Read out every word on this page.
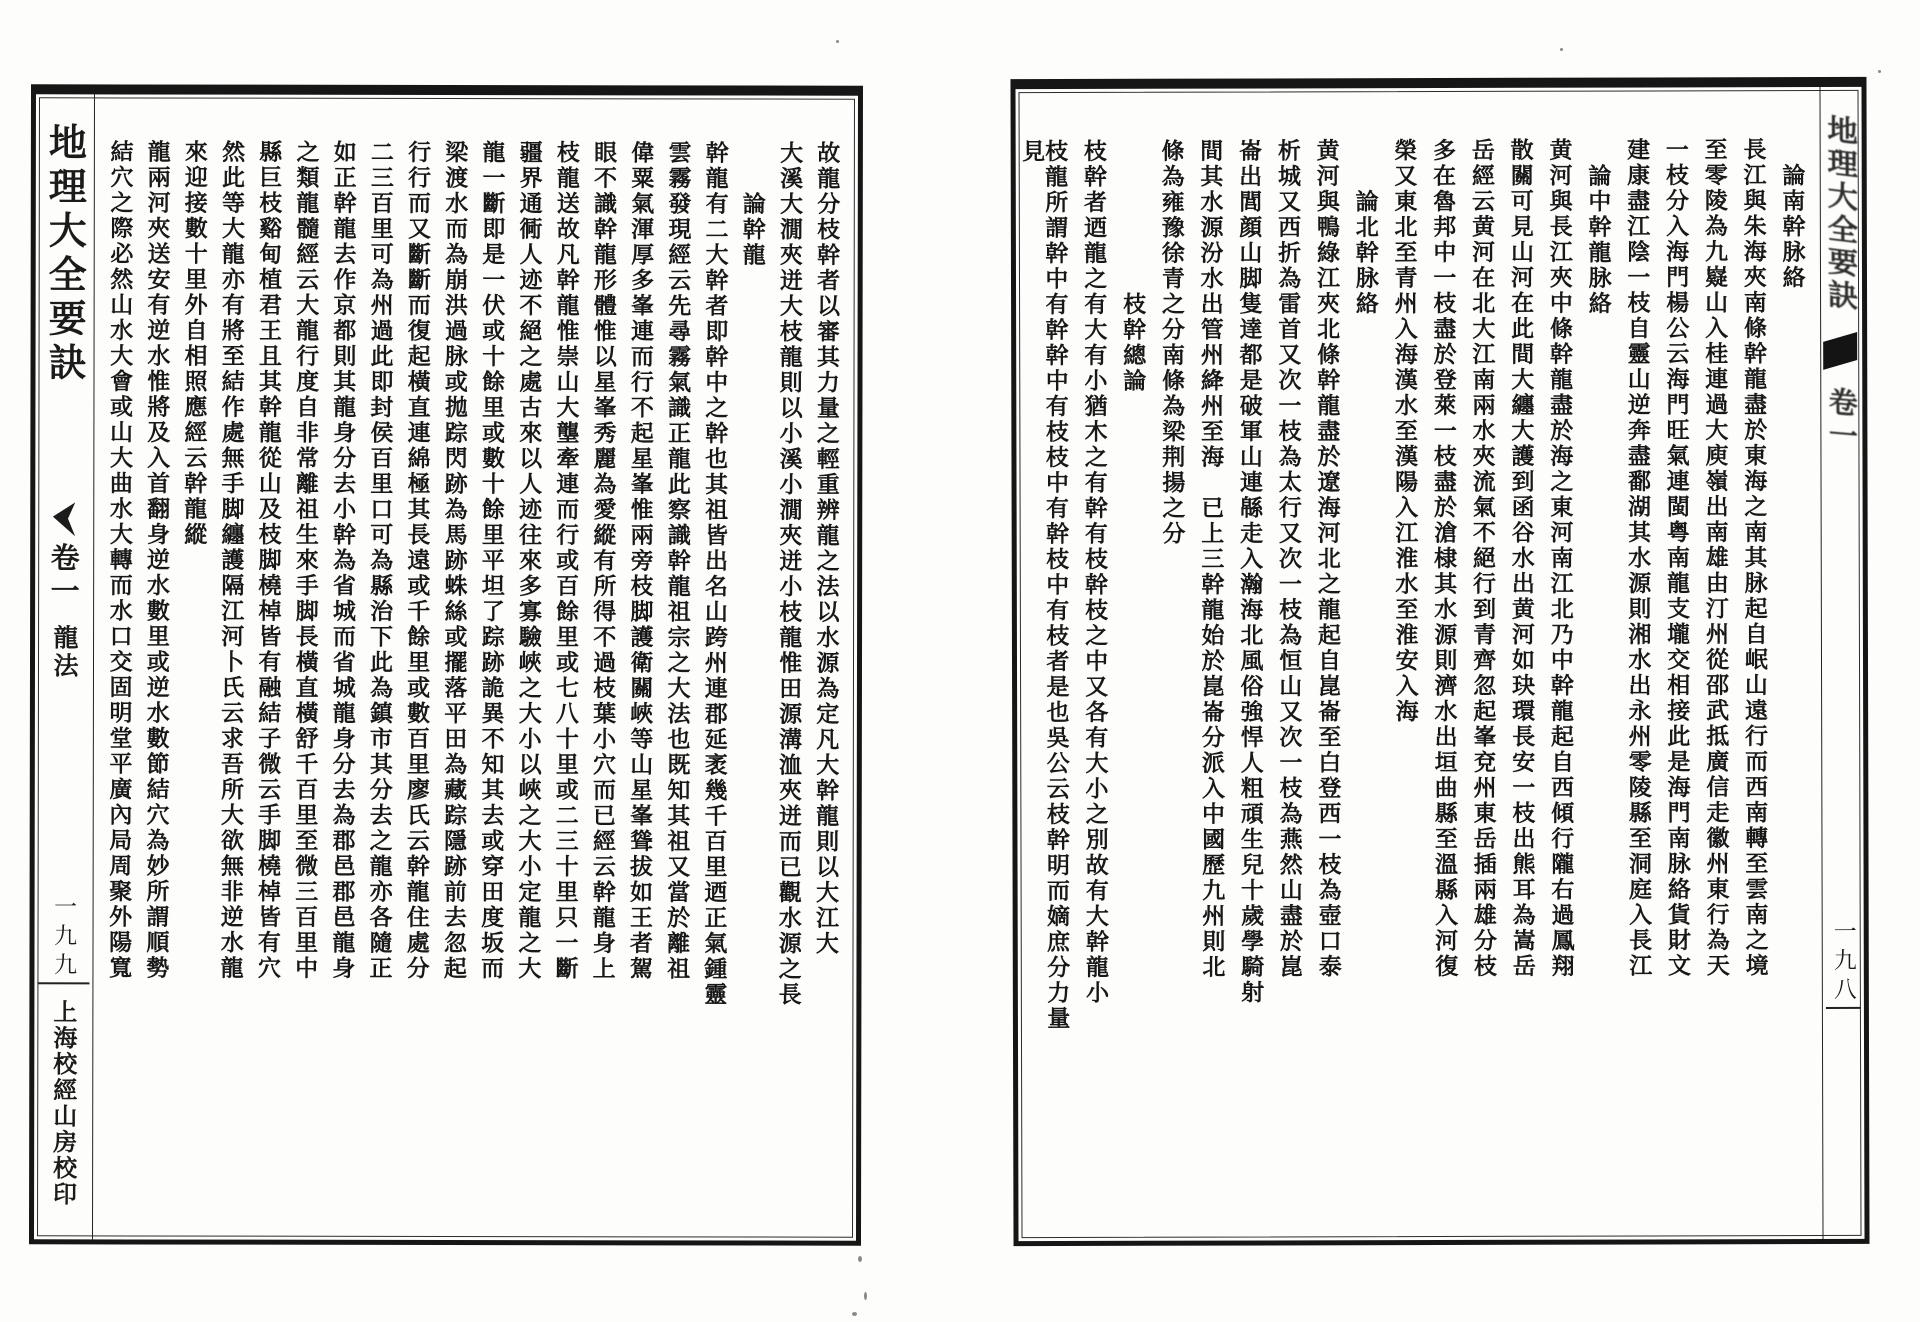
論南幹脉絡
長江與朱海夾南條幹龍盡於東海之南其脉起自岷山遠行而西南轉至雲南之境
至零陵為九嶷山入桂連過大庾嶺出南雄由汀州從邵武抵廣信走徽州東行為天
一枝分入海門楊公云海門旺氣連閩粤南龍支壠交相接此是海門南脉絡貨財文
建康盡江陰一枝自靈山逆奔盡鄱湖其水源則湘水出永州零陵縣至洞庭入長江
論中幹龍脉絡
黄河與長江夾中條幹龍盡於海之東河南江北乃中幹龍起自西傾行隴右過鳳翔
散關可見山河在此間大纏大護到函谷水出黄河如玦環長安一枝出熊耳為嵩岳
岳經云黄河在北大江南兩水夾流氣不絕行到青齊忽起峯兗州東岳插兩雄分枝
多在魯邦中一枝盡於登萊一枝盡於滄棣其水源則濟水出垣曲縣至溫縣入河復
榮又東北至青州入海漢水至漢陽入江淮水至淮安入海
論北幹脉絡
黄河與鴨綠江夾北條幹龍盡於遼海河北之龍起自崑崙至白登西一枝為壺口泰
析城又西折為雷首又次一枝為太行又次一枝為恒山又次一枝為燕然山盡於崑
崙出閭顔山脚隻達都是破軍山連緜走入瀚海北風俗強悍人粗頑生兒十歲學騎射
間其水源汾水出管州絳州至海　已上三幹龍始於崑崙分派入中國歷九州則北
條為雍豫徐青之分南條為梁荆揚之分
枝幹總論
枝幹者迺龍之有大有小猶木之有幹有枝幹枝之中又各有大小之別故有大幹龍小
枝龍所謂幹中有幹幹中有枝枝中有幹枝中有枝者是也吳公云枝幹明而嫡庶分力量見	地理大全要訣
卷一
一九八
故龍分枝幹者以審其力量之輕重辨龍之法以水源為定凡大幹龍則以大江大
大溪大㵎夾迸大枝龍則以小溪小㵎夾迸小枝龍惟田源溝洫夾迸而已觀水源之長
論幹龍
幹龍有二大幹者即幹中之幹也其祖皆出名山跨州連郡延袤幾千百里迺正氣鍾靈
雲霧發現經云先尋霧氣識正龍此察識幹龍祖宗之大法也既知其祖又當於離祖
偉粟氣渾厚多峯連而行不起星峯惟兩旁枝脚護衛關峽等山星峯聳拔如王者駕
眼不識幹龍形體惟以星峯秀麗為愛縱有所得不過枝葉小穴而已經云幹龍身上
枝龍送故凡幹龍惟崇山大壟牽連而行或百餘里或七八十里或二三十里只一斷
疆界通衕人迹不絕之處古來以人迹往來多寡驗峽之大小以峽之大小定龍之大
龍一斷即是一伏或十餘里或數十餘里平坦了踪跡詭異不知其去或穿田度坂而
梁渡水而為崩洪過脉或拋踪閃跡為馬跡蛛絲或擺落平田為藏踪隱跡前去忽起
行行而又斷斷而復起橫直連綿極其長遠或千餘里或數百里廖氏云幹龍住處分
二三百里可為州過此即封侯百里口可為縣治下此為鎮市其分去之龍亦各隨正
如正幹龍去作京都則其龍身分去小幹為省城而省城龍身分去為郡邑郡邑龍身
之類龍髓經云大龍行度自非常離祖生來手脚長橫直橫舒千百里至微三百里中
縣巨枝谿甸植君王且其幹龍從山及枝脚橈棹皆有融結子微云手脚橈棹皆有穴
然此等大龍亦有將至結作處無手脚纏護隔江河卜氏云求吾所大欲無非逆水龍
來迎接數十里外自相照應經云幹龍縱
龍兩河夾送安有逆水惟將及入首翻身逆水數里或逆水數節結穴為妙所謂順勢
結穴之際必然山水大會或山大曲水大轉而水口交固明堂平廣內局周聚外陽寬
地理大全要訣
卷一
龍法
一九九
上海校經山房校印
